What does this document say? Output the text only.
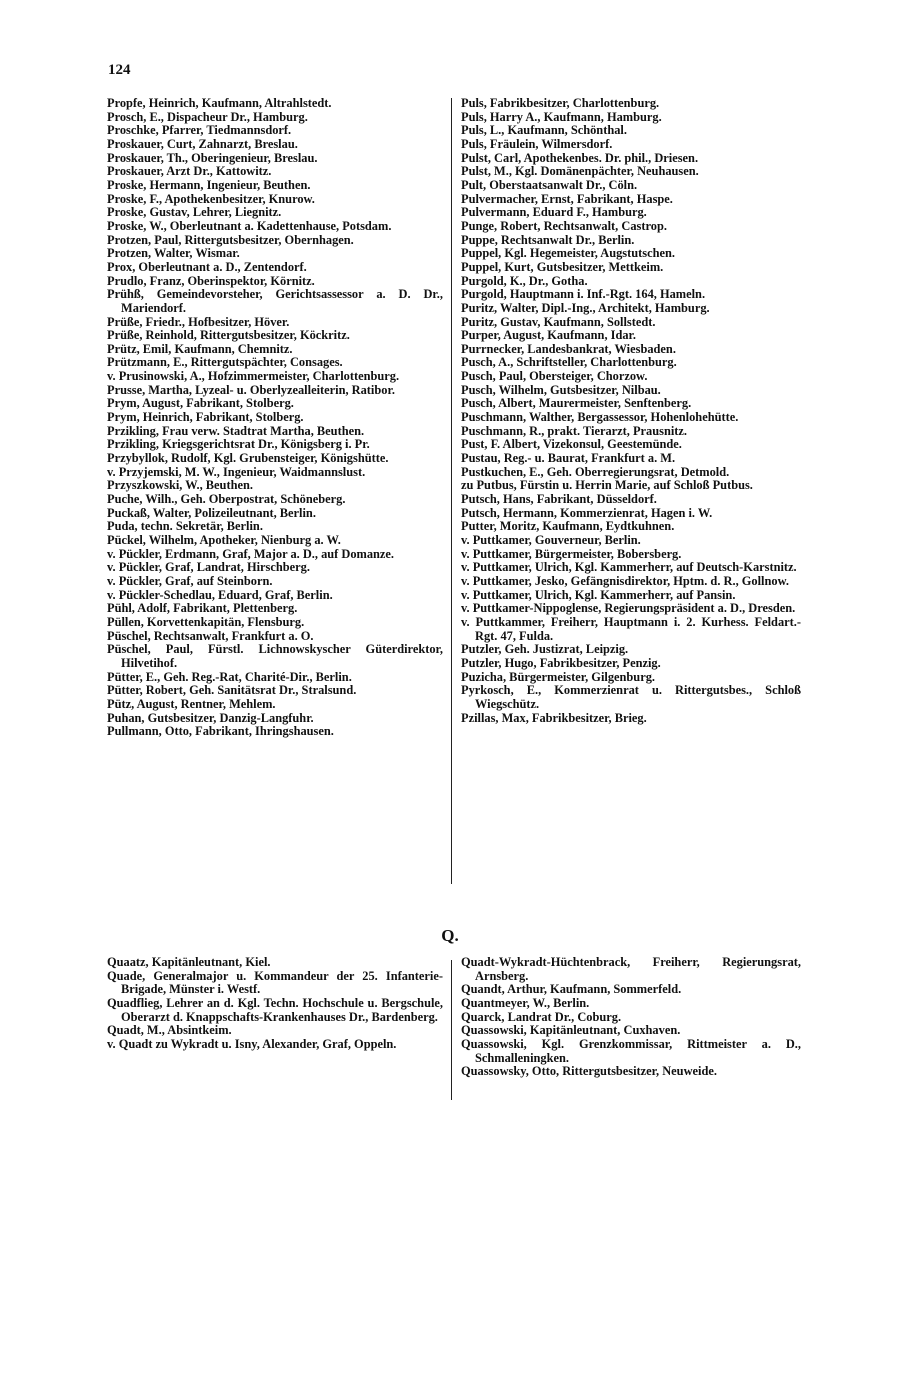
124
Propfe, Heinrich, Kaufmann, Altrahlstedt.
Prosch, E., Dispacheur Dr., Hamburg.
Proschke, Pfarrer, Tiedmannsdorf.
Proskauer, Curt, Zahnarzt, Breslau.
Proskauer, Th., Oberingenieur, Breslau.
Proskauer, Arzt Dr., Kattowitz.
Proske, Hermann, Ingenieur, Beuthen.
Proske, F., Apothekenbesitzer, Knurow.
Proske, Gustav, Lehrer, Liegnitz.
Proske, W., Oberleutnant a. Kadettenhause, Potsdam.
Protzen, Paul, Rittergutsbesitzer, Obernhagen.
Protzen, Walter, Wismar.
Prox, Oberleutnant a. D., Zentendorf.
Prudlo, Franz, Oberinspektor, Körnitz.
Prühß, Gemeindevorsteher, Gerichtsassessor a. D. Dr., Mariendorf.
Prüße, Friedr., Hofbesitzer, Höver.
Prüße, Reinhold, Rittergutsbesitzer, Köckritz.
Prütz, Emil, Kaufmann, Chemnitz.
Prützmann, E., Rittergutspächter, Consages.
v. Prusinowski, A., Hofzimmermeister, Charlottenburg.
Prusse, Martha, Lyzeal- u. Oberlyzealleiterin, Ratibor.
Prym, August, Fabrikant, Stolberg.
Prym, Heinrich, Fabrikant, Stolberg.
Przikling, Frau verw. Stadtrat Martha, Beuthen.
Przikling, Kriegsgerichtsrat Dr., Königsberg i. Pr.
Przybyllok, Rudolf, Kgl. Grubensteiger, Königshütte.
v. Przyjemski, M. W., Ingenieur, Waidmannslust.
Przyszkowski, W., Beuthen.
Puche, Wilh., Geh. Oberpostrat, Schöneberg.
Puckaß, Walter, Polizeileutnant, Berlin.
Puda, techn. Sekretär, Berlin.
Pückel, Wilhelm, Apotheker, Nienburg a. W.
v. Pückler, Erdmann, Graf, Major a. D., auf Domanze.
v. Pückler, Graf, Landrat, Hirschberg.
v. Pückler, Graf, auf Steinborn.
v. Pückler-Schedlau, Eduard, Graf, Berlin.
Pühl, Adolf, Fabrikant, Plettenberg.
Püllen, Korvettenkapitän, Flensburg.
Püschel, Rechtsanwalt, Frankfurt a. O.
Püschel, Paul, Fürstl. Lichnowskyscher Güterdirektor, Hilvetihof.
Pütter, E., Geh. Reg.-Rat, Charité-Dir., Berlin.
Pütter, Robert, Geh. Sanitätsrat Dr., Stralsund.
Pütz, August, Rentner, Mehlem.
Puhan, Gutsbesitzer, Danzig-Langfuhr.
Pullmann, Otto, Fabrikant, Ihringshausen.
Puls, Fabrikbesitzer, Charlottenburg.
Puls, Harry A., Kaufmann, Hamburg.
Puls, L., Kaufmann, Schönthal.
Puls, Fräulein, Wilmersdorf.
Pulst, Carl, Apothekenbes. Dr. phil., Driesen.
Pulst, M., Kgl. Domänenpächter, Neuhausen.
Pult, Oberstaatsanwalt Dr., Cöln.
Pulvermacher, Ernst, Fabrikant, Haspe.
Pulvermann, Eduard F., Hamburg.
Punge, Robert, Rechtsanwalt, Castrop.
Puppe, Rechtsanwalt Dr., Berlin.
Puppel, Kgl. Hegemeister, Augstutschen.
Puppel, Kurt, Gutsbesitzer, Mettkeim.
Purgold, K., Dr., Gotha.
Purgold, Hauptmann i. Inf.-Rgt. 164, Hameln.
Puritz, Walter, Dipl.-Ing., Architekt, Hamburg.
Puritz, Gustav, Kaufmann, Sollstedt.
Purper, August, Kaufmann, Idar.
Purrnecker, Landesbankrat, Wiesbaden.
Pusch, A., Schriftsteller, Charlottenburg.
Pusch, Paul, Obersteiger, Chorzow.
Pusch, Wilhelm, Gutsbesitzer, Nilbau.
Pusch, Albert, Maurermeister, Senftenberg.
Puschmann, Walther, Bergassessor, Hohenlohehütte.
Puschmann, R., prakt. Tierarzt, Prausnitz.
Pust, F. Albert, Vizekonsul, Geestemünde.
Pustau, Reg.- u. Baurat, Frankfurt a. M.
Pustkuchen, E., Geh. Oberregierungsrat, Detmold.
zu Putbus, Fürstin u. Herrin Marie, auf Schloß Putbus.
Putsch, Hans, Fabrikant, Düsseldorf.
Putsch, Hermann, Kommerzienrat, Hagen i. W.
Putter, Moritz, Kaufmann, Eydtkuhnen.
v. Puttkamer, Gouverneur, Berlin.
v. Puttkamer, Bürgermeister, Bobersberg.
v. Puttkamer, Ulrich, Kgl. Kammerherr, auf Deutsch-Karstnitz.
v. Puttkamer, Jesko, Gefängnisdirektor, Hptm. d. R., Gollnow.
v. Puttkamer, Ulrich, Kgl. Kammerherr, auf Pansin.
v. Puttkamer-Nippoglense, Regierungspräsident a. D., Dresden.
v. Puttkammer, Freiherr, Hauptmann i. 2. Kurhess. Feldart.-Rgt. 47, Fulda.
Putzler, Geh. Justizrat, Leipzig.
Putzler, Hugo, Fabrikbesitzer, Penzig.
Puzicha, Bürgermeister, Gilgenburg.
Pyrkosch, E., Kommerzienrat u. Rittergutsbes., Schloß Wiegschütz.
Pzillas, Max, Fabrikbesitzer, Brieg.
Q.
Quaatz, Kapitänleutnant, Kiel.
Quade, Generalmajor u. Kommandeur der 25. Infanterie-Brigade, Münster i. Westf.
Quadflieg, Lehrer an d. Kgl. Techn. Hochschule u. Bergschule, Oberarzt d. Knappschafts-Krankenhauses Dr., Bardenberg.
Quadt, M., Absintkeim.
v. Quadt zu Wykradt u. Isny, Alexander, Graf, Oppeln.
Quadt-Wykradt-Hüchtenbrack, Freiherr, Regierungsrat, Arnsberg.
Quandt, Arthur, Kaufmann, Sommerfeld.
Quantmeyer, W., Berlin.
Quarck, Landrat Dr., Coburg.
Quassowski, Kapitänleutnant, Cuxhaven.
Quassowski, Kgl. Grenzkommissar, Rittmeister a. D., Schmalleningken.
Quassowsky, Otto, Rittergutsbesitzer, Neuweide.
